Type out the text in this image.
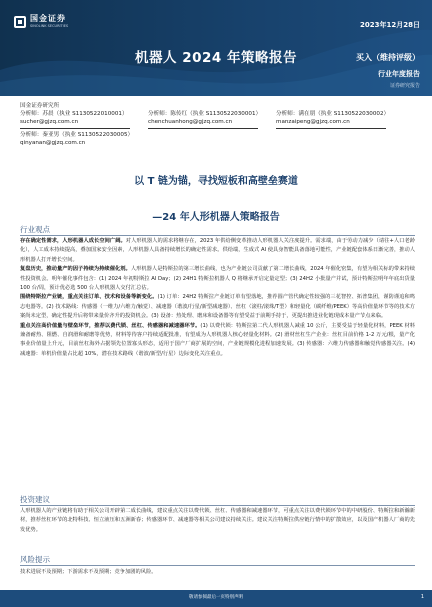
国金证券
SINOLINK SECURITIES	2023年12月28日
机器人 2024 年策略报告	买入（维持评级）
行业年度报告
证券研究报告
国金证券研究所
分析师：苏晨（执业 S1130522010001）
sucher@gjzq.com.cn
分析师：陈传红（执业 S1130522030001）
chenchuanhong@gjzq.com.cn
分析师：满在朋（执业 S1130522030002）
manzaipeng@gjzq.com.cn
分析师：秦亚男（执业 S1130522030005）
qinyanan@gjzq.com.cn
以 T 链为锚，寻找短板和高壁垒赛道
—24 年人形机器人策略报告
行业观点

存在确定性需求，人形机器人成长空间广阔。对人形机器人的需求将继存在，2023 年供给侧变革推动人形机器人关注度提升。需求端，由于劳动力减少（请往+人口老龄化），人工成本持续提高，叠加国家安全因素，人形机器人具备持续增长的确定性需求。供给端，生成式 AI 使具身智能具备落地可能性，产业链配套体系日渐完善，推动人形机器人打开增长空间。

复盘历史，推动量产的因子持续为持续催化剂。人形机器人是特斯拉的第三增长曲线，也为产业链公司贡献了第二增长曲线，2024 年催化密集，有望为相关标的带来持续性投资机会。明年催化事件包含：(1) 2024 年初特斯拉 AI Day；(2) 24H1 特斯拉机器人 Q 将继承开启定量定型；(3) 24H2 小批量产并试，预计特斯拉明年年底出货量 100 台/周，预计优必选 500 台人形机器人交付汇总估。

围绕特斯拉产业链，重点关注订单、技术和设备等新变化。(1) 订单：24H2 特斯拉产业链订单有望落地，推荐圆产管代确定性较强的三花智控、拓普集团，谨防谨追和鸣志电器等。(2) 技术路线：传感器（一维力/六维力/触觉）、减速器（谐波/行星/新型减速器）、丝杠（滚柱/滚珠/T型）和轻量化（碳纤维/PEEK）等高价值量环节等的技术方案尚未定型，确定性提升后将带来量价齐升的投资机会。(3) 设备：热处理、磨床和设备器等有望受益于前期手持于，更提出推进业化链现成本量产节点来临。

重点关注高价值量与壁垒环节，推荐以费代锁、丝杠、传感器和减速器环节。(1) 以费代锁：特斯拉第二代人形机器人减重 10 公斤，主要受益于轻量化材料，PEEK 材料兼备耐热、阻燃、自润滑和耐磨等优势，材料等待客户持续适配批准，有望成为人形机器人核心轻量化材料。(2) 滑材丝杠生产企业：丝杠目前价格 1-2 万元/根，量产化事业价值量上升元，目前丝杠海外占据领先位置寡头形态，适用于国产厂商扩展的空间，产业链规模化进程加速发展。(3) 传感器：六维力传感器和触觉传感器关注。(4) 减速器：单机价值量占比超 10%，潜在技术路线（谐波/新型/行星）边际变化关注重点。

投资建议
人形机器人的产业链将有助于相关公司开辟第二成长曲线，建议重点关注以费代锁、丝杠、传感器和减速器环节，可重点关注以费代锁环节中的中研股份、特斯拉和新瀚新材，推荐丝杠环节的北特科技、恒立液压和五洲新春；传感器环节、减速器等相关公司建议持续关注。建议关注特斯拉供应链行情中的扩散效应，以及国产机器人厂商的先发优势。
风险提示
技术进展不及预期；下游需求不及预期；竞争加剧的风险。
敬请参阅最后一页特别声明	1
